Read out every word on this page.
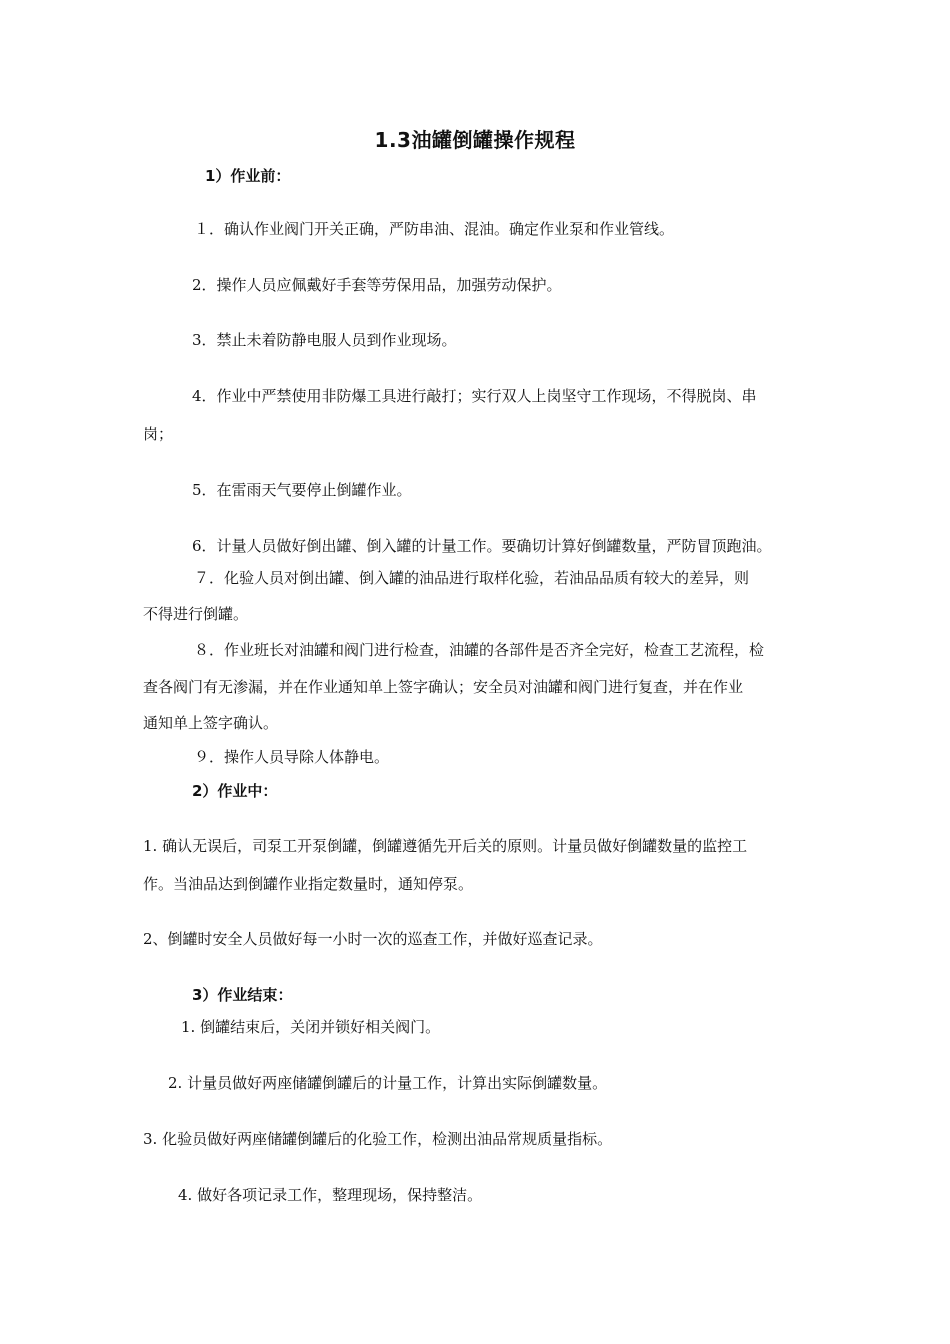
1.3油罐倒罐操作规程
1）作业前：
１．确认作业阀门开关正确，严防串油、混油。确定作业泵和作业管线。
2．操作人员应佩戴好手套等劳保用品，加强劳动保护。
3．禁止未着防静电服人员到作业现场。
4．作业中严禁使用非防爆工具进行敲打；实行双人上岗坚守工作现场，不得脱岗、串
岗；
5．在雷雨天气要停止倒罐作业。
6．计量人员做好倒出罐、倒入罐的计量工作。要确切计算好倒罐数量，严防冒顶跑油。
７．化验人员对倒出罐、倒入罐的油品进行取样化验，若油品品质有较大的差异，则
不得进行倒罐。
８．作业班长对油罐和阀门进行检查，油罐的各部件是否齐全完好，检查工艺流程，检
查各阀门有无渗漏，并在作业通知单上签字确认；安全员对油罐和阀门进行复查，并在作业
通知单上签字确认。
９．操作人员导除人体静电。
2）作业中：
1. 确认无误后，司泵工开泵倒罐，倒罐遵循先开后关的原则。计量员做好倒罐数量的监控工
作。当油品达到倒罐作业指定数量时，通知停泵。
2、倒罐时安全人员做好每一小时一次的巡查工作，并做好巡查记录。
3）作业结束：
1. 倒罐结束后，关闭并锁好相关阀门。
2. 计量员做好两座储罐倒罐后的计量工作，计算出实际倒罐数量。
3. 化验员做好两座储罐倒罐后的化验工作，检测出油品常规质量指标。
4. 做好各项记录工作，整理现场，保持整洁。
